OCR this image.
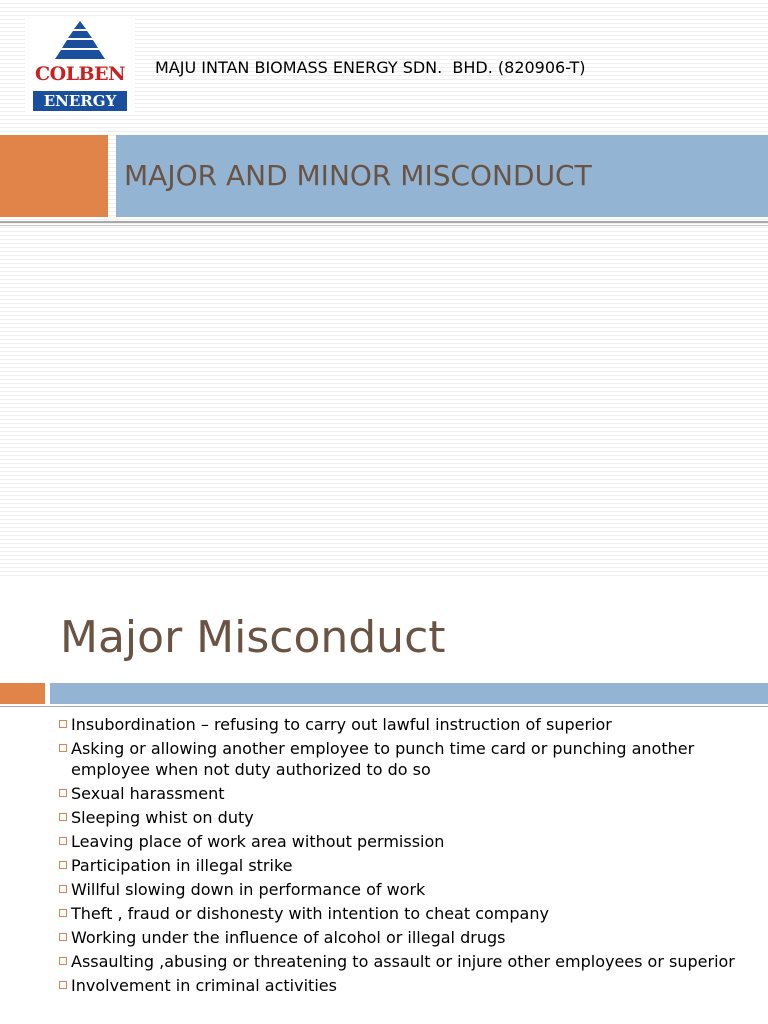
COLBEN
ENERGY
MAJU INTAN BIOMASS ENERGY SDN.  BHD. (820906-T)
MAJOR AND MINOR MISCONDUCT
Major Misconduct
Insubordination – refusing to carry out lawful instruction of superior
Asking or allowing another employee to punch time card or punching another employee when not duty authorized to do so
Sexual harassment
Sleeping whist on duty
Leaving place of work area without permission
Participation in illegal strike
Willful slowing down in performance of work
Theft , fraud or dishonesty with intention to cheat company
Working under the influence of alcohol or illegal drugs
Assaulting ,abusing or threatening to assault or injure other employees or superior
Involvement in criminal activities
